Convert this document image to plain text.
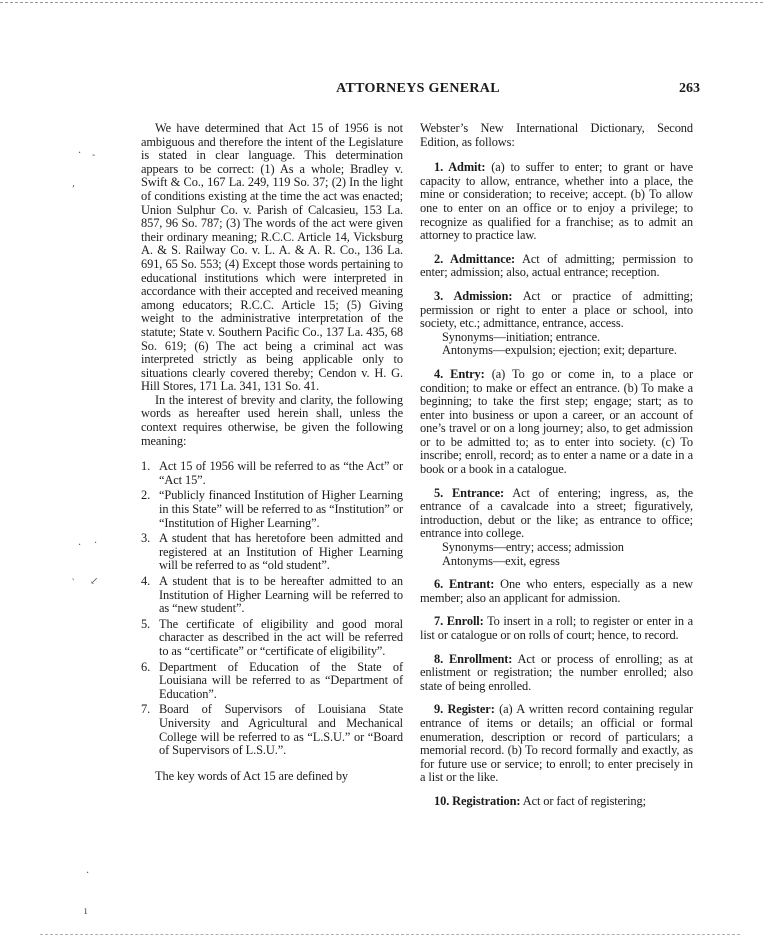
ATTORNEYS GENERAL	263
· -
,
· ·
‵ ↙
·
ı

We have determined that Act 15 of 1956 is not ambiguous and therefore the intent of the Legislature is stated in clear language. This determination appears to be correct: (1) As a whole; Bradley v. Swift & Co., 167 La. 249, 119 So. 37; (2) In the light of conditions existing at the time the act was enacted; Union Sulphur Co. v. Parish of Calcasieu, 153 La. 857, 96 So. 787; (3) The words of the act were given their ordinary meaning; R.C.C. Article 14, Vicksburg A. & S. Railway Co. v. L. A. & A. R. Co., 136 La. 691, 65 So. 553; (4) Except those words pertaining to educational institutions which were interpreted in accordance with their accepted and received meaning among educators; R.C.C. Article 15; (5) Giving weight to the administrative interpretation of the statute; State v. Southern Pacific Co., 137 La. 435, 68 So. 619; (6) The act being a criminal act was interpreted strictly as being applicable only to situations clearly covered thereby; Cendon v. H. G. Hill Stores, 171 La. 341, 131 So. 41.

In the interest of brevity and clarity, the following words as hereafter used herein shall, unless the context requires otherwise, be given the following meaning:

1. Act 15 of 1956 will be referred to as “the Act” or “Act 15”.
2. “Publicly financed Institution of Higher Learning in this State” will be referred to as “Institution” or “Institution of Higher Learning”.
3. A student that has heretofore been admitted and registered at an Institution of Higher Learning will be referred to as “old student”.
4. A student that is to be hereafter admitted to an Institution of Higher Learning will be referred to as “new student”.
5. The certificate of eligibility and good moral character as described in the act will be referred to as “certificate” or “certificate of eligibility”.
6. Department of Education of the State of Louisiana will be referred to as “Department of Education”.
7. Board of Supervisors of Louisiana State University and Agricultural and Mechanical College will be referred to as “L.S.U.” or “Board of Supervisors of L.S.U.”.

The key words of Act 15 are defined by

Webster’s New International Dictionary, Second Edition, as follows:

1. Admit: (a) to suffer to enter; to grant or have capacity to allow, entrance, whether into a place, the mine or consideration; to receive; accept. (b) To allow one to enter on an office or to enjoy a privilege; to recognize as qualified for a franchise; as to admit an attorney to practice law.

2. Admittance: Act of admitting; permission to enter; admission; also, actual entrance; reception.

3. Admission: Act or practice of admitting; permission or right to enter a place or school, into society, etc.; admittance, entrance, access.

Synonyms—initiation; entrance.

Antonyms—expulsion; ejection; exit; departure.

4. Entry: (a) To go or come in, to a place or condition; to make or effect an entrance. (b) To make a beginning; to take the first step; engage; start; as to enter into business or upon a career, or an account of one’s travel or on a long journey; also, to get admission or to be admitted to; as to enter into society. (c) To inscribe; enroll, record; as to enter a name or a date in a book or a book in a catalogue.

5. Entrance: Act of entering; ingress, as, the entrance of a cavalcade into a street; figuratively, introduction, debut or the like; as entrance to office; entrance into college.

Synonyms—entry; access; admission

Antonyms—exit, egress

6. Entrant: One who enters, especially as a new member; also an applicant for admission.

7. Enroll: To insert in a roll; to register or enter in a list or catalogue or on rolls of court; hence, to record.

8. Enrollment: Act or process of enrolling; as at enlistment or registration; the number enrolled; also state of being enrolled.

9. Register: (a) A written record containing regular entrance of items or details; an official or formal enumeration, description or record of particulars; a memorial record. (b) To record formally and exactly, as for future use or service; to enroll; to enter precisely in a list or the like.

10. Registration: Act or fact of registering;
